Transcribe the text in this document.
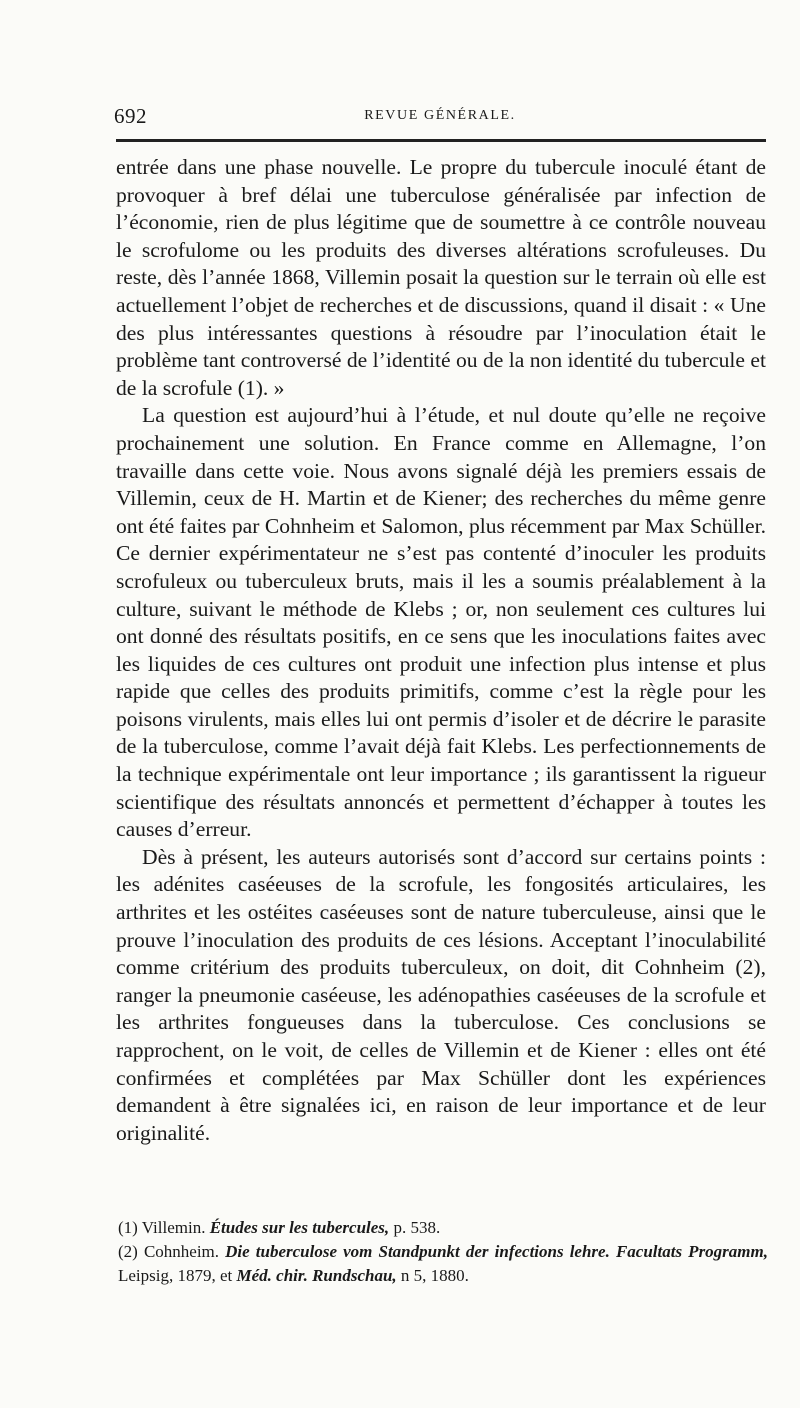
692	REVUE GÉNÉRALE.

entrée dans une phase nouvelle. Le propre du tubercule inoculé étant de provoquer à bref délai une tuberculose généralisée par infection de l’économie, rien de plus légitime que de soumettre à ce contrôle nouveau le scrofulome ou les produits des diverses altérations scrofuleuses. Du reste, dès l’année 1868, Villemin posait la question sur le terrain où elle est actuellement l’objet de recherches et de discussions, quand il disait : « Une des plus intéressantes questions à résoudre par l’inoculation était le problème tant controversé de l’identité ou de la non identité du tubercule et de la scrofule (1). »

La question est aujourd’hui à l’étude, et nul doute qu’elle ne reçoive prochainement une solution. En France comme en Allemagne, l’on travaille dans cette voie. Nous avons signalé déjà les premiers essais de Villemin, ceux de H. Martin et de Kiener; des recherches du même genre ont été faites par Cohnheim et Salomon, plus récemment par Max Schüller. Ce dernier expérimentateur ne s’est pas contenté d’inoculer les produits scrofuleux ou tuberculeux bruts, mais il les a soumis préalablement à la culture, suivant le méthode de Klebs ; or, non seulement ces cultures lui ont donné des résultats positifs, en ce sens que les inoculations faites avec les liquides de ces cultures ont produit une infection plus intense et plus rapide que celles des produits primitifs, comme c’est la règle pour les poisons virulents, mais elles lui ont permis d’isoler et de décrire le parasite de la tuberculose, comme l’avait déjà fait Klebs. Les perfectionnements de la technique expérimentale ont leur importance ; ils garantissent la rigueur scientifique des résultats annoncés et permettent d’échapper à toutes les causes d’erreur.

Dès à présent, les auteurs autorisés sont d’accord sur certains points : les adénites caséeuses de la scrofule, les fongosités articulaires, les arthrites et les ostéites caséeuses sont de nature tuberculeuse, ainsi que le prouve l’inoculation des produits de ces lésions. Acceptant l’inoculabilité comme critérium des produits tuberculeux, on doit, dit Cohnheim (2), ranger la pneumonie caséeuse, les adénopathies caséeuses de la scrofule et les arthrites fongueuses dans la tuberculose. Ces conclusions se rapprochent, on le voit, de celles de Villemin et de Kiener : elles ont été confirmées et complétées par Max Schüller dont les expériences demandent à être signalées ici, en raison de leur importance et de leur originalité.

(1) Villemin. Études sur les tubercules, p. 538.

(2) Cohnheim. Die tuberculose vom Standpunkt der infections lehre. Facultats Programm, Leipsig, 1879, et Méd. chir. Rundschau, n 5, 1880.
